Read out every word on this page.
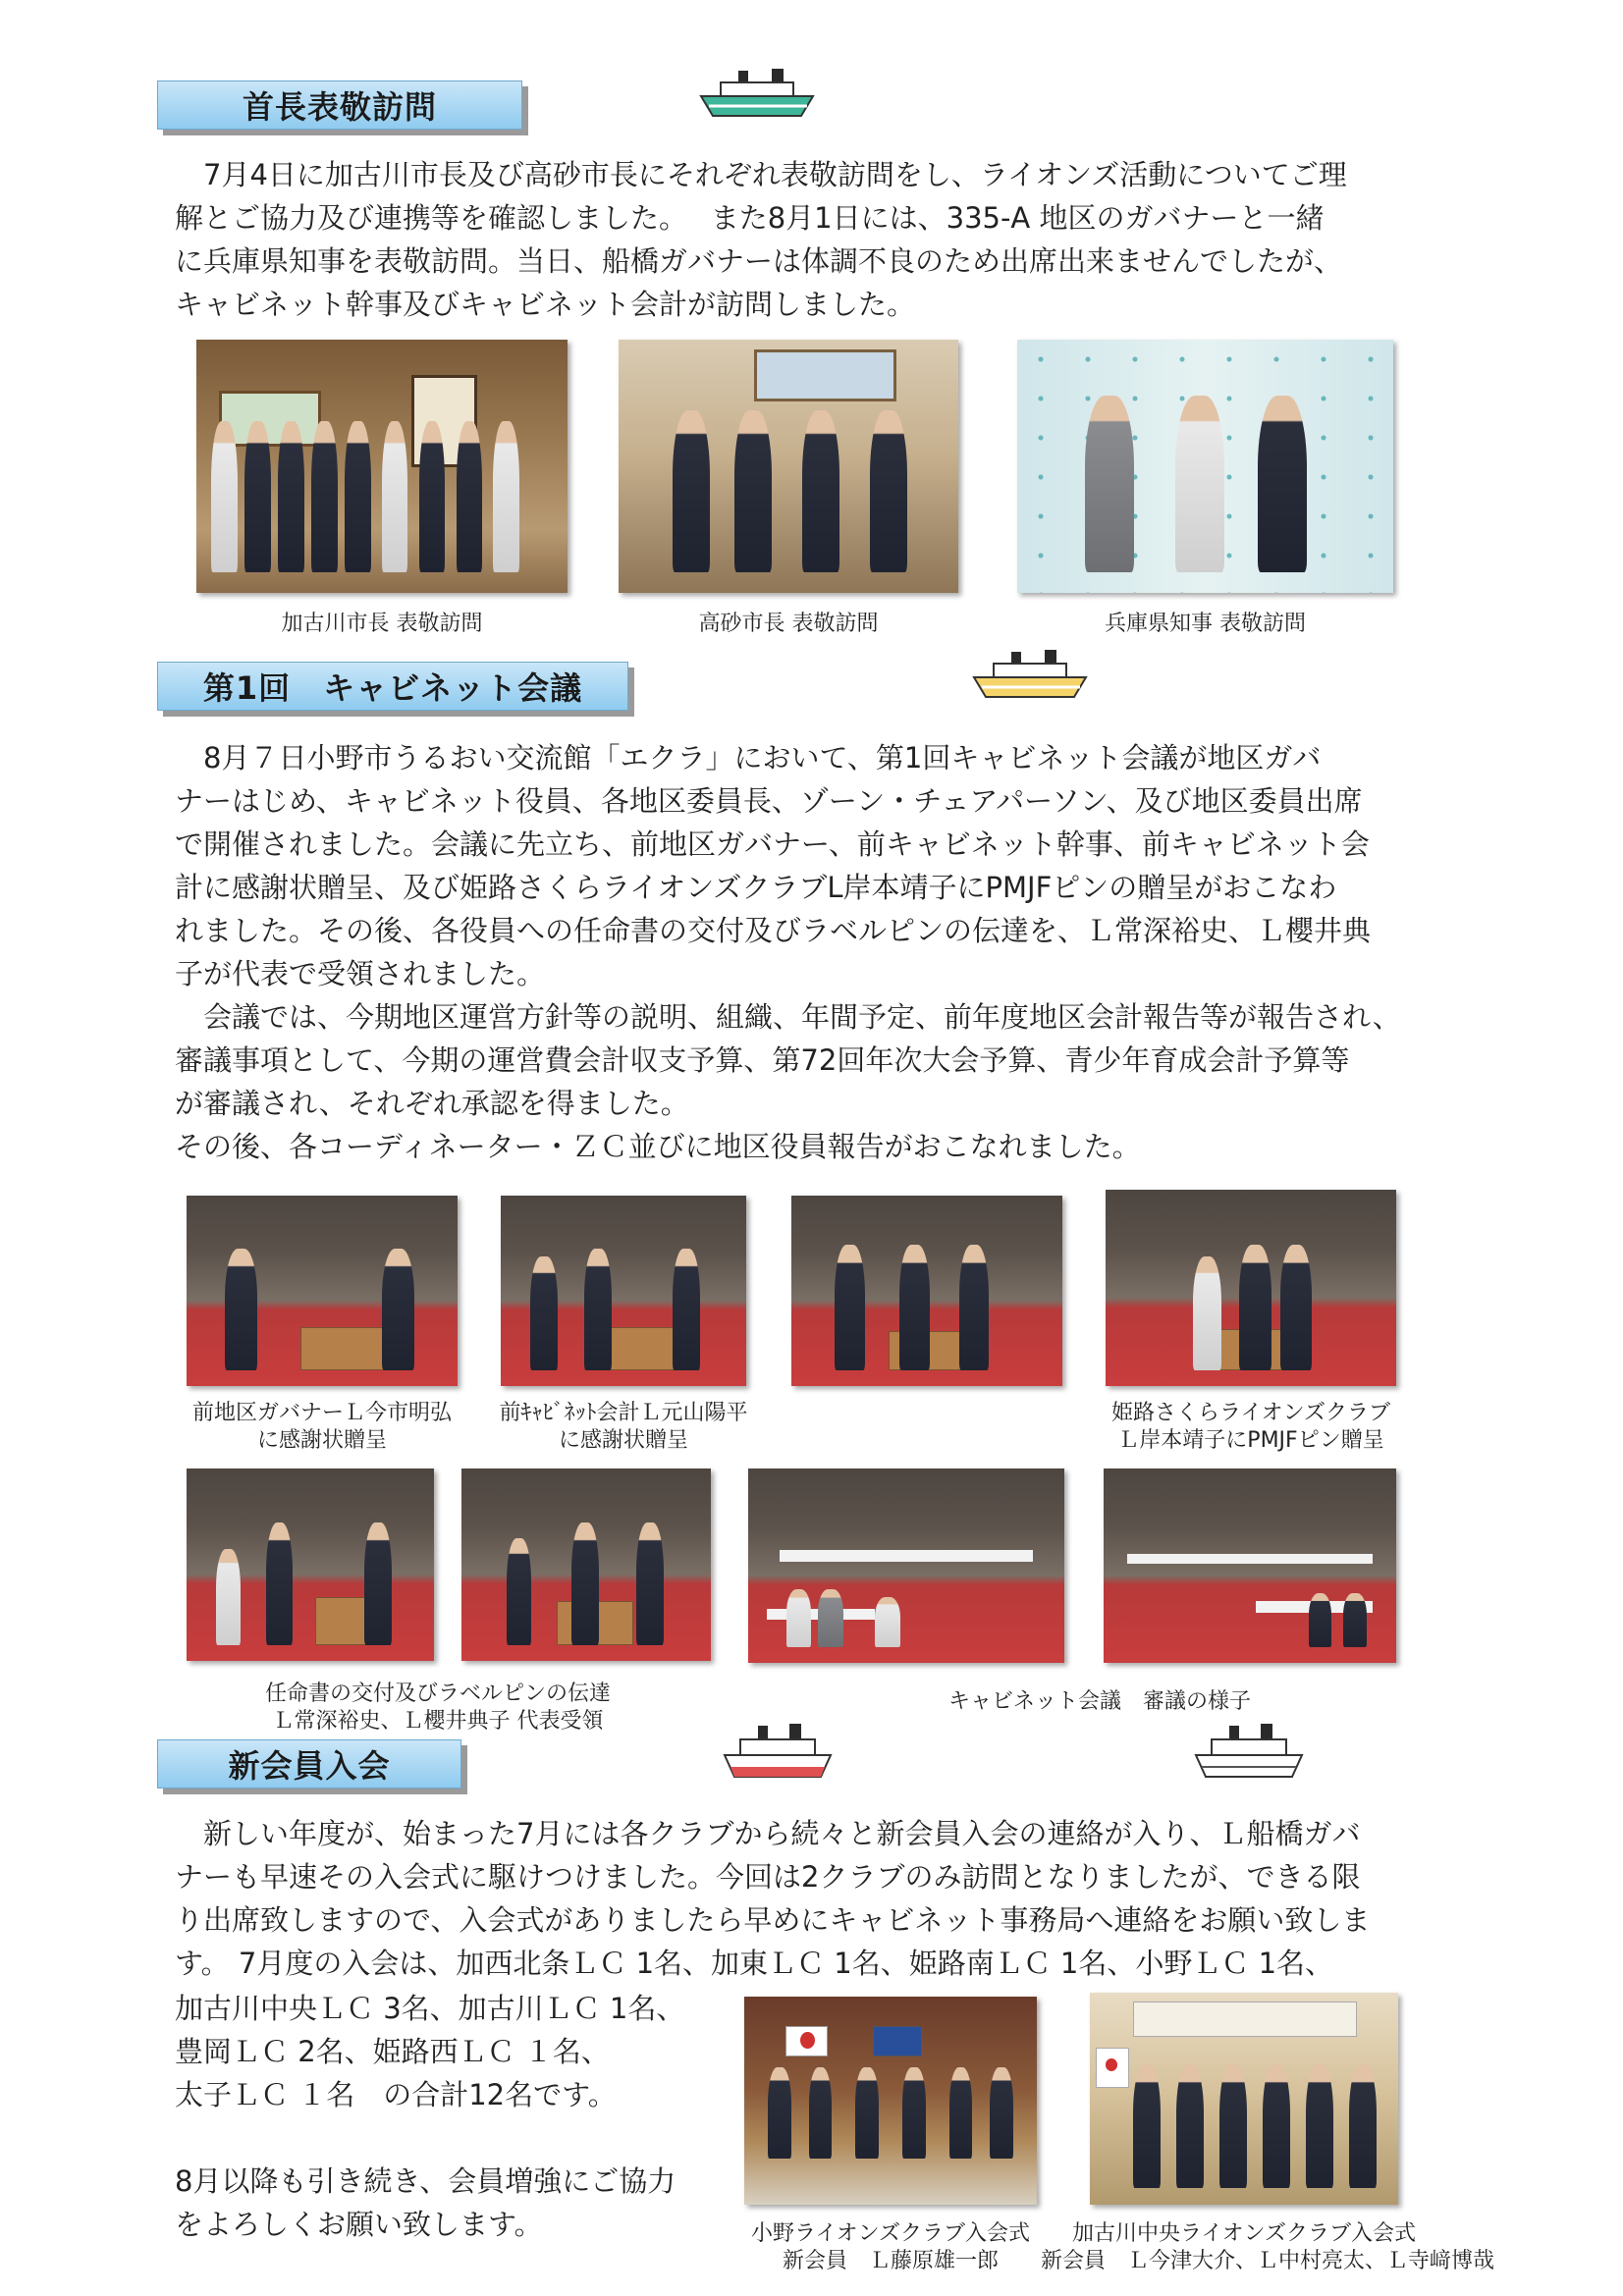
首長表敬訪問

　7月4日に加古川市長及び高砂市長にそれぞれ表敬訪問をし、ライオンズ活動についてご理

解とご協力及び連携等を確認しました。　 また8月1日には、335-A 地区のガバナーと一緒

に兵庫県知事を表敬訪問。当日、船橋ガバナーは体調不良のため出席出来ませんでしたが、

キャビネット幹事及びキャビネット会計が訪問しました。

加古川市長 表敬訪問	高砂市長 表敬訪問	兵庫県知事 表敬訪問
第1回　キャビネット会議

　8月７日小野市うるおい交流館「エクラ」において、第1回キャビネット会議が地区ガバ

ナーはじめ、キャビネット役員、各地区委員長、ゾーン・チェアパーソン、及び地区委員出席

で開催されました。会議に先立ち、前地区ガバナー、前キャビネット幹事、前キャビネット会

計に感謝状贈呈、及び姫路さくらライオンズクラブL岸本靖子にPMJFピンの贈呈がおこなわ

れました。その後、各役員への任命書の交付及びラベルピンの伝達を、Ｌ常深裕史、Ｌ櫻井典

子が代表で受領されました。

　会議では、今期地区運営方針等の説明、組織、年間予定、前年度地区会計報告等が報告され、

審議事項として、今期の運営費会計収支予算、第72回年次大会予算、青少年育成会計予算等

が審議され、それぞれ承認を得ました。

その後、各コーディネーター・ＺＣ並びに地区役員報告がおこなれました。

前地区ガバナーＬ今市明弘
に感謝状贈呈
前ｷｬﾋﾞﾈｯﾄ会計Ｌ元山陽平
に感謝状贈呈
姫路さくらライオンズクラブ
Ｌ岸本靖子にPMJFピン贈呈
任命書の交付及びラベルピンの伝達
Ｌ常深裕史、Ｌ櫻井典子 代表受領
キャビネット会議　審議の様子
新会員入会

　新しい年度が、始まった7月には各クラブから続々と新会員入会の連絡が入り、Ｌ船橋ガバ

ナーも早速その入会式に駆けつけました。今回は2クラブのみ訪問となりましたが、できる限

り出席致しますので、入会式がありましたら早めにキャビネット事務局へ連絡をお願い致しま

す。 7月度の入会は、加西北条ＬＣ 1名、加東ＬＣ 1名、姫路南ＬＣ 1名、小野ＬＣ 1名、

加古川中央ＬＣ 3名、加古川ＬＣ 1名、

豊岡ＬＣ 2名、姫路西ＬＣ １名、

太子ＬＣ １名　の合計12名です。

8月以降も引き続き、会員増強にご協力

をよろしくお願い致します。	小野ライオンズクラブ入会式
新会員　Ｌ藤原雄一郎
加古川中央ライオンズクラブ入会式
新会員　Ｌ今津大介、Ｌ中村亮太、Ｌ寺﨑博哉
